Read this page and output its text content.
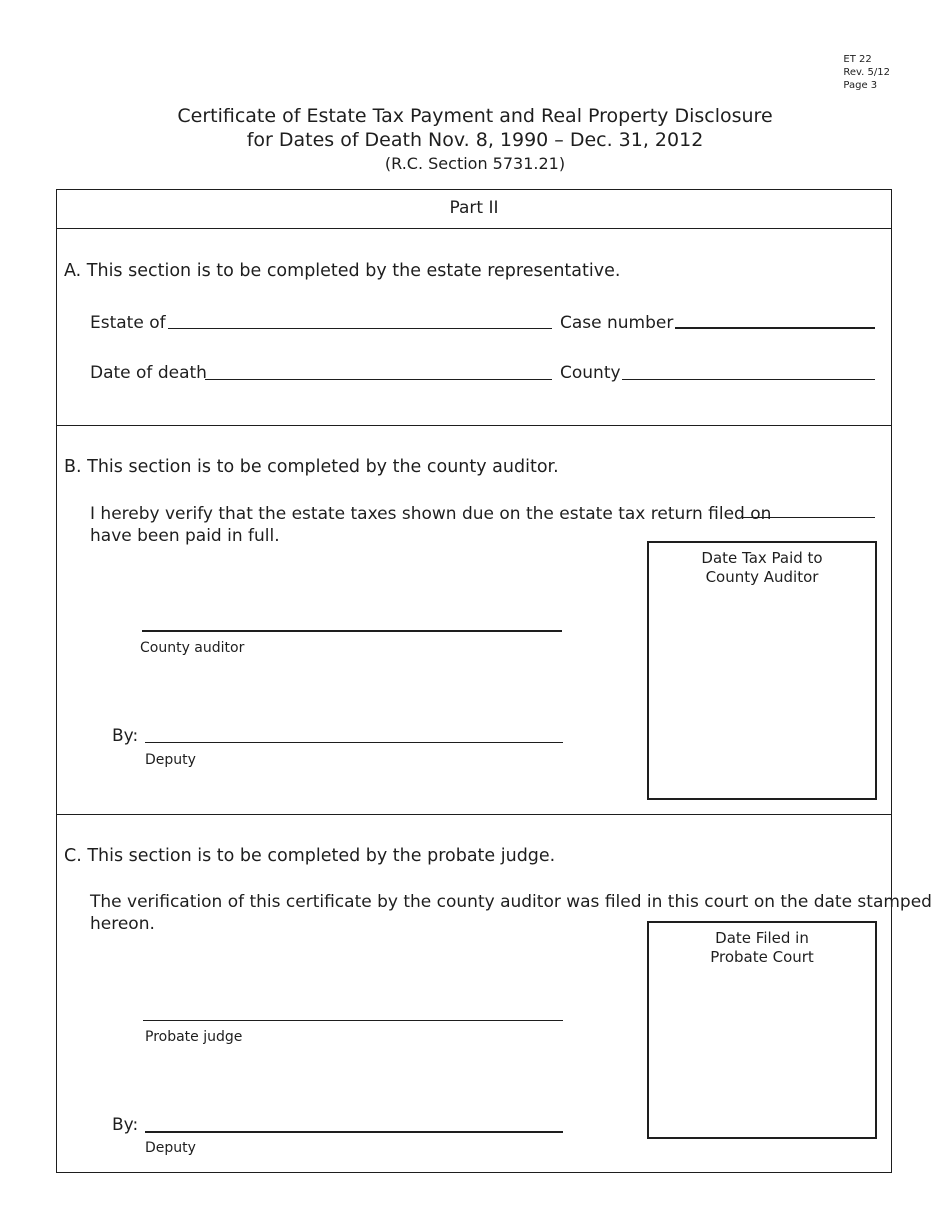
ET 22
Rev. 5/12
Page 3
Certificate of Estate Tax Payment and Real Property Disclosure
for Dates of Death Nov. 8, 1990 – Dec. 31, 2012
(R.C. Section 5731.21)
Part II
A. This section is to be completed by the estate representative.
Estate of	Case number
Date of death	County
B. This section is to be completed by the county auditor.
I hereby verify that the estate taxes shown due on the estate tax return filed on
have been paid in full.
Date Tax Paid to
County Auditor
County auditor
By:
Deputy
C. This section is to be completed by the probate judge.
The verification of this certificate by the county auditor was filed in this court on the date stamped
hereon.
Date Filed in
Probate Court
Probate judge
By:
Deputy
